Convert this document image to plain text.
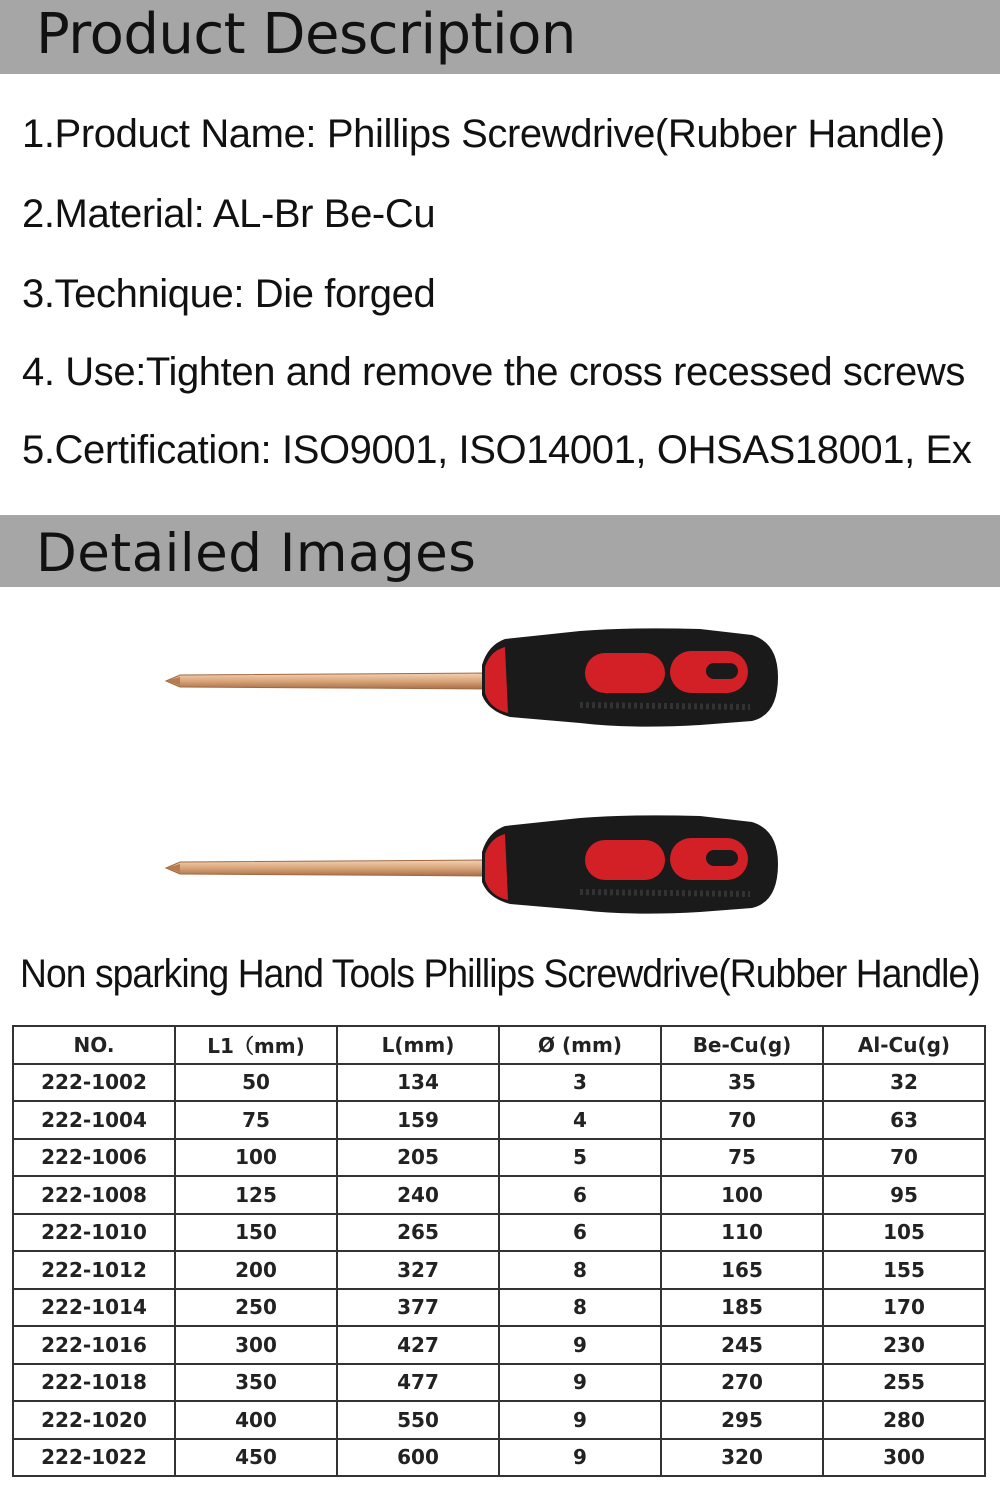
Product Description
1.Product Name: Phillips Screwdrive(Rubber Handle)
2.Material: AL-Br Be-Cu
3.Technique: Die forged
4. Use:Tighten and remove the cross recessed screws
5.Certification: ISO9001, ISO14001, OHSAS18001, Ex
Detailed Images
Non sparking Hand Tools Phillips Screwdrive(Rubber Handle)
NO.	L1（mm)	L(mm)	Ø (mm)	Be-Cu(g)	Al-Cu(g)
222-1002	50	134	3	35	32
222-1004	75	159	4	70	63
222-1006	100	205	5	75	70
222-1008	125	240	6	100	95
222-1010	150	265	6	110	105
222-1012	200	327	8	165	155
222-1014	250	377	8	185	170
222-1016	300	427	9	245	230
222-1018	350	477	9	270	255
222-1020	400	550	9	295	280
222-1022	450	600	9	320	300
